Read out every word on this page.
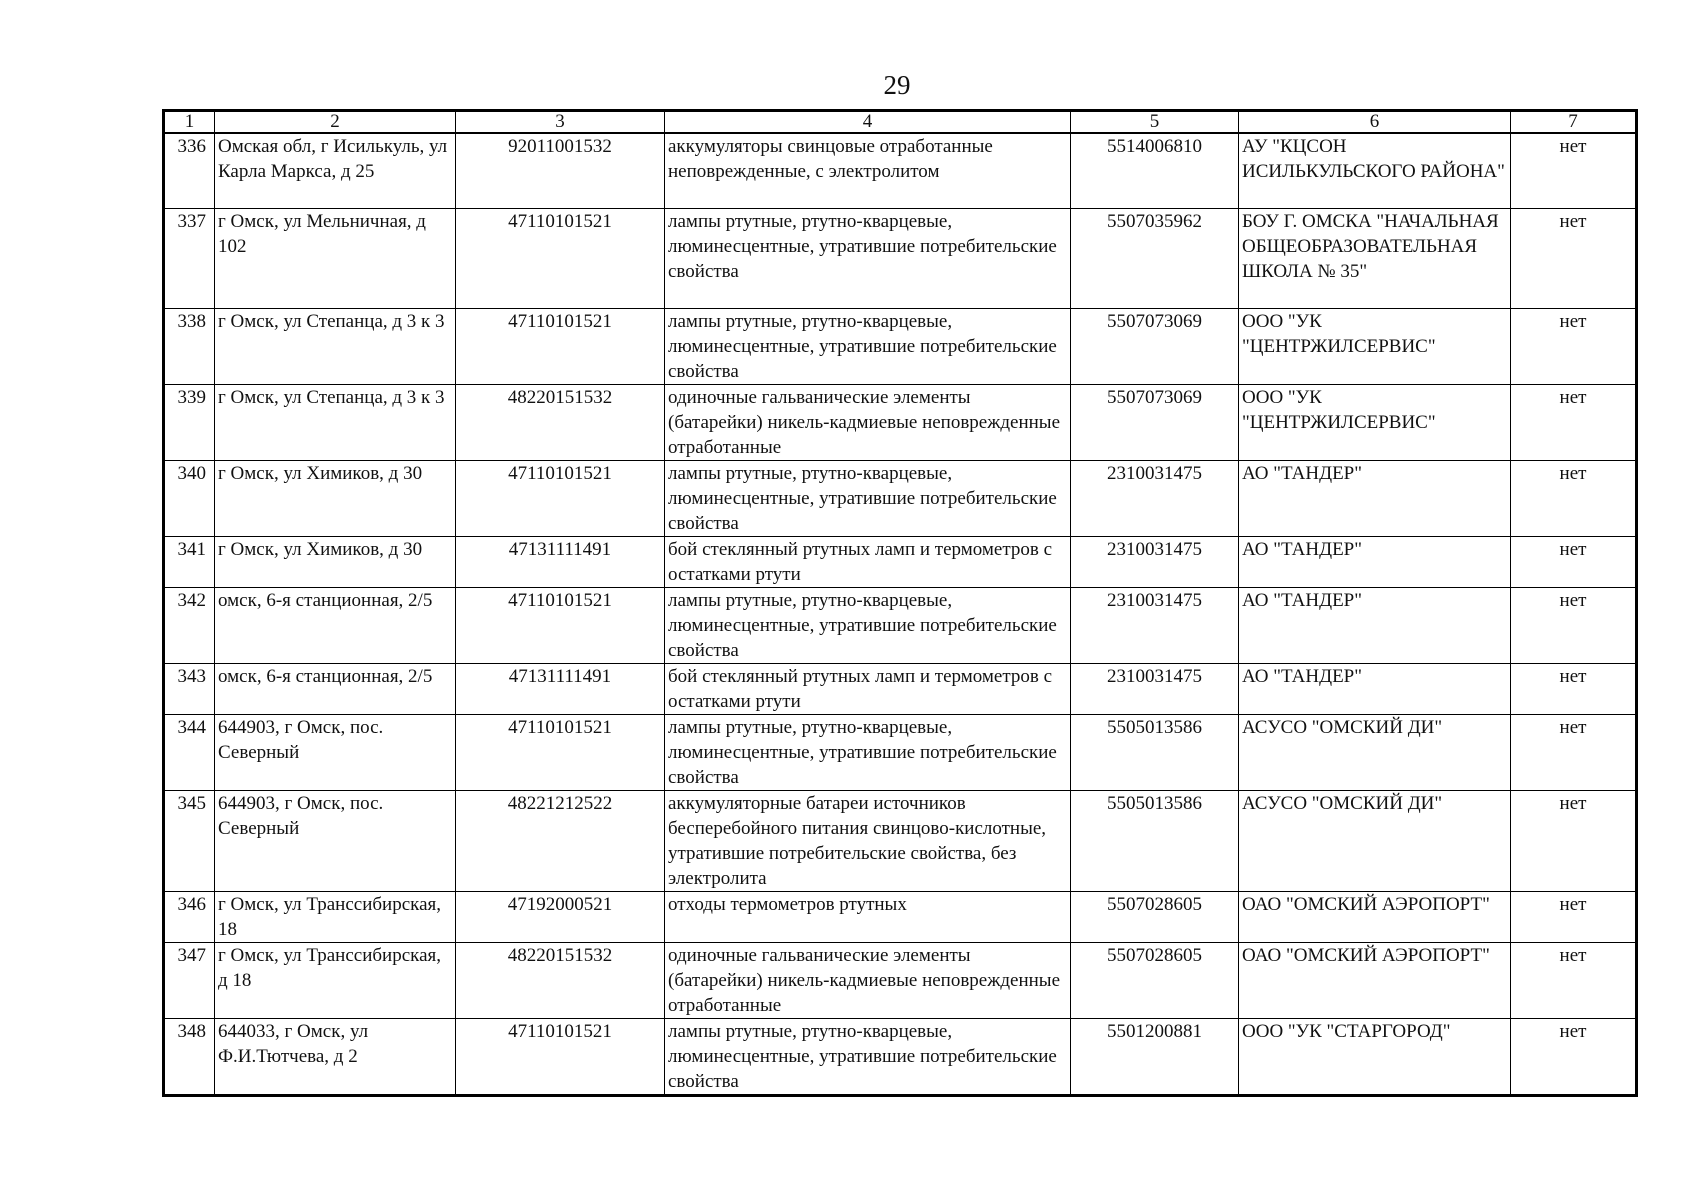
29
1	2	3	4	5	6	7
336	Омская обл, г Исилькуль, ул Карла Маркса, д 25	92011001532	аккумуляторы свинцовые отработанные неповрежденные, с электролитом	5514006810	АУ "КЦСОН ИСИЛЬКУЛЬСКОГО РАЙОНА"	нет
337	г Омск, ул Мельничная, д 102	47110101521	лампы ртутные, ртутно-кварцевые, люминесцентные, утратившие потребительские свойства	5507035962	БОУ Г. ОМСКА "НАЧАЛЬНАЯ ОБЩЕОБРАЗОВАТЕЛЬНАЯ ШКОЛА № 35"	нет
338	г Омск, ул Степанца, д 3 к 3	47110101521	лампы ртутные, ртутно-кварцевые, люминесцентные, утратившие потребительские свойства	5507073069	ООО "УК "ЦЕНТРЖИЛСЕРВИС"	нет
339	г Омск, ул Степанца, д 3 к 3	48220151532	одиночные гальванические элементы (батарейки) никель-кадмиевые неповрежденные отработанные	5507073069	ООО "УК "ЦЕНТРЖИЛСЕРВИС"	нет
340	г Омск, ул Химиков, д 30	47110101521	лампы ртутные, ртутно-кварцевые, люминесцентные, утратившие потребительские свойства	2310031475	АО "ТАНДЕР"	нет
341	г Омск, ул Химиков, д 30	47131111491	бой стеклянный ртутных ламп и термометров с остатками ртути	2310031475	АО "ТАНДЕР"	нет
342	омск, 6-я станционная, 2/5	47110101521	лампы ртутные, ртутно-кварцевые, люминесцентные, утратившие потребительские свойства	2310031475	АО "ТАНДЕР"	нет
343	омск, 6-я станционная, 2/5	47131111491	бой стеклянный ртутных ламп и термометров с остатками ртути	2310031475	АО "ТАНДЕР"	нет
344	644903, г Омск, пос. Северный	47110101521	лампы ртутные, ртутно-кварцевые, люминесцентные, утратившие потребительские свойства	5505013586	АСУСО "ОМСКИЙ ДИ"	нет
345	644903, г Омск, пос. Северный	48221212522	аккумуляторные батареи источников бесперебойного питания свинцово-кислотные, утратившие потребительские свойства, без электролита	5505013586	АСУСО "ОМСКИЙ ДИ"	нет
346	г Омск, ул Транссибирская, 18	47192000521	отходы термометров ртутных	5507028605	ОАО "ОМСКИЙ АЭРОПОРТ"	нет
347	г Омск, ул Транссибирская, д 18	48220151532	одиночные гальванические элементы (батарейки) никель-кадмиевые неповрежденные отработанные	5507028605	ОАО "ОМСКИЙ АЭРОПОРТ"	нет
348	644033, г Омск, ул Ф.И.Тютчева, д 2	47110101521	лампы ртутные, ртутно-кварцевые, люминесцентные, утратившие потребительские свойства	5501200881	ООО "УК "СТАРГОРОД"	нет
